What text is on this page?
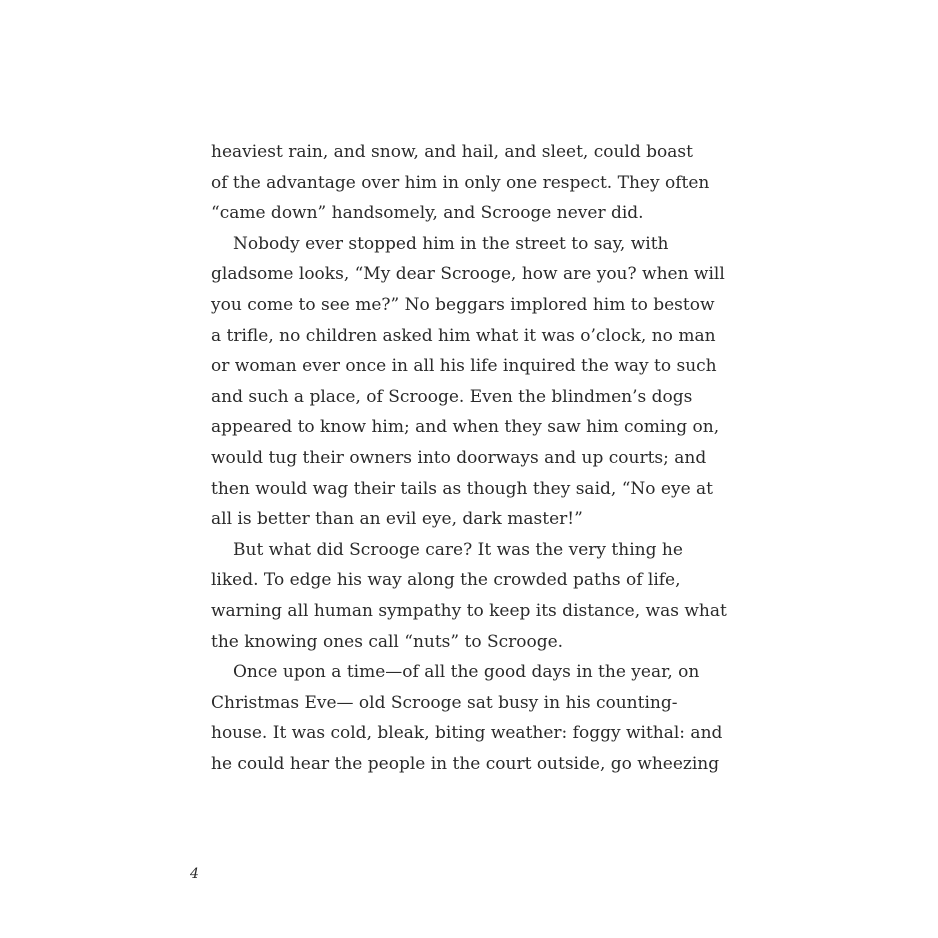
heaviest rain, and snow, and hail, and sleet, could boast
of the advantage over him in only one respect. They often
“came down” handsomely, and Scrooge never did.
Nobody ever stopped him in the street to say, with
gladsome looks, “My dear Scrooge, how are you? when will
you come to see me?” No beggars implored him to bestow
a trifle, no children asked him what it was o’clock, no man
or woman ever once in all his life inquired the way to such
and such a place, of Scrooge. Even the blindmen’s dogs
appeared to know him; and when they saw him coming on,
would tug their owners into doorways and up courts; and
then would wag their tails as though they said, “No eye at
all is better than an evil eye, dark master!”
But what did Scrooge care? It was the very thing he
liked. To edge his way along the crowded paths of life,
warning all human sympathy to keep its distance, was what
the knowing ones call “nuts” to Scrooge.
Once upon a time—of all the good days in the year, on
Christmas Eve— old Scrooge sat busy in his counting-
house. It was cold, bleak, biting weather: foggy withal: and
he could hear the people in the court outside, go wheezing
4
